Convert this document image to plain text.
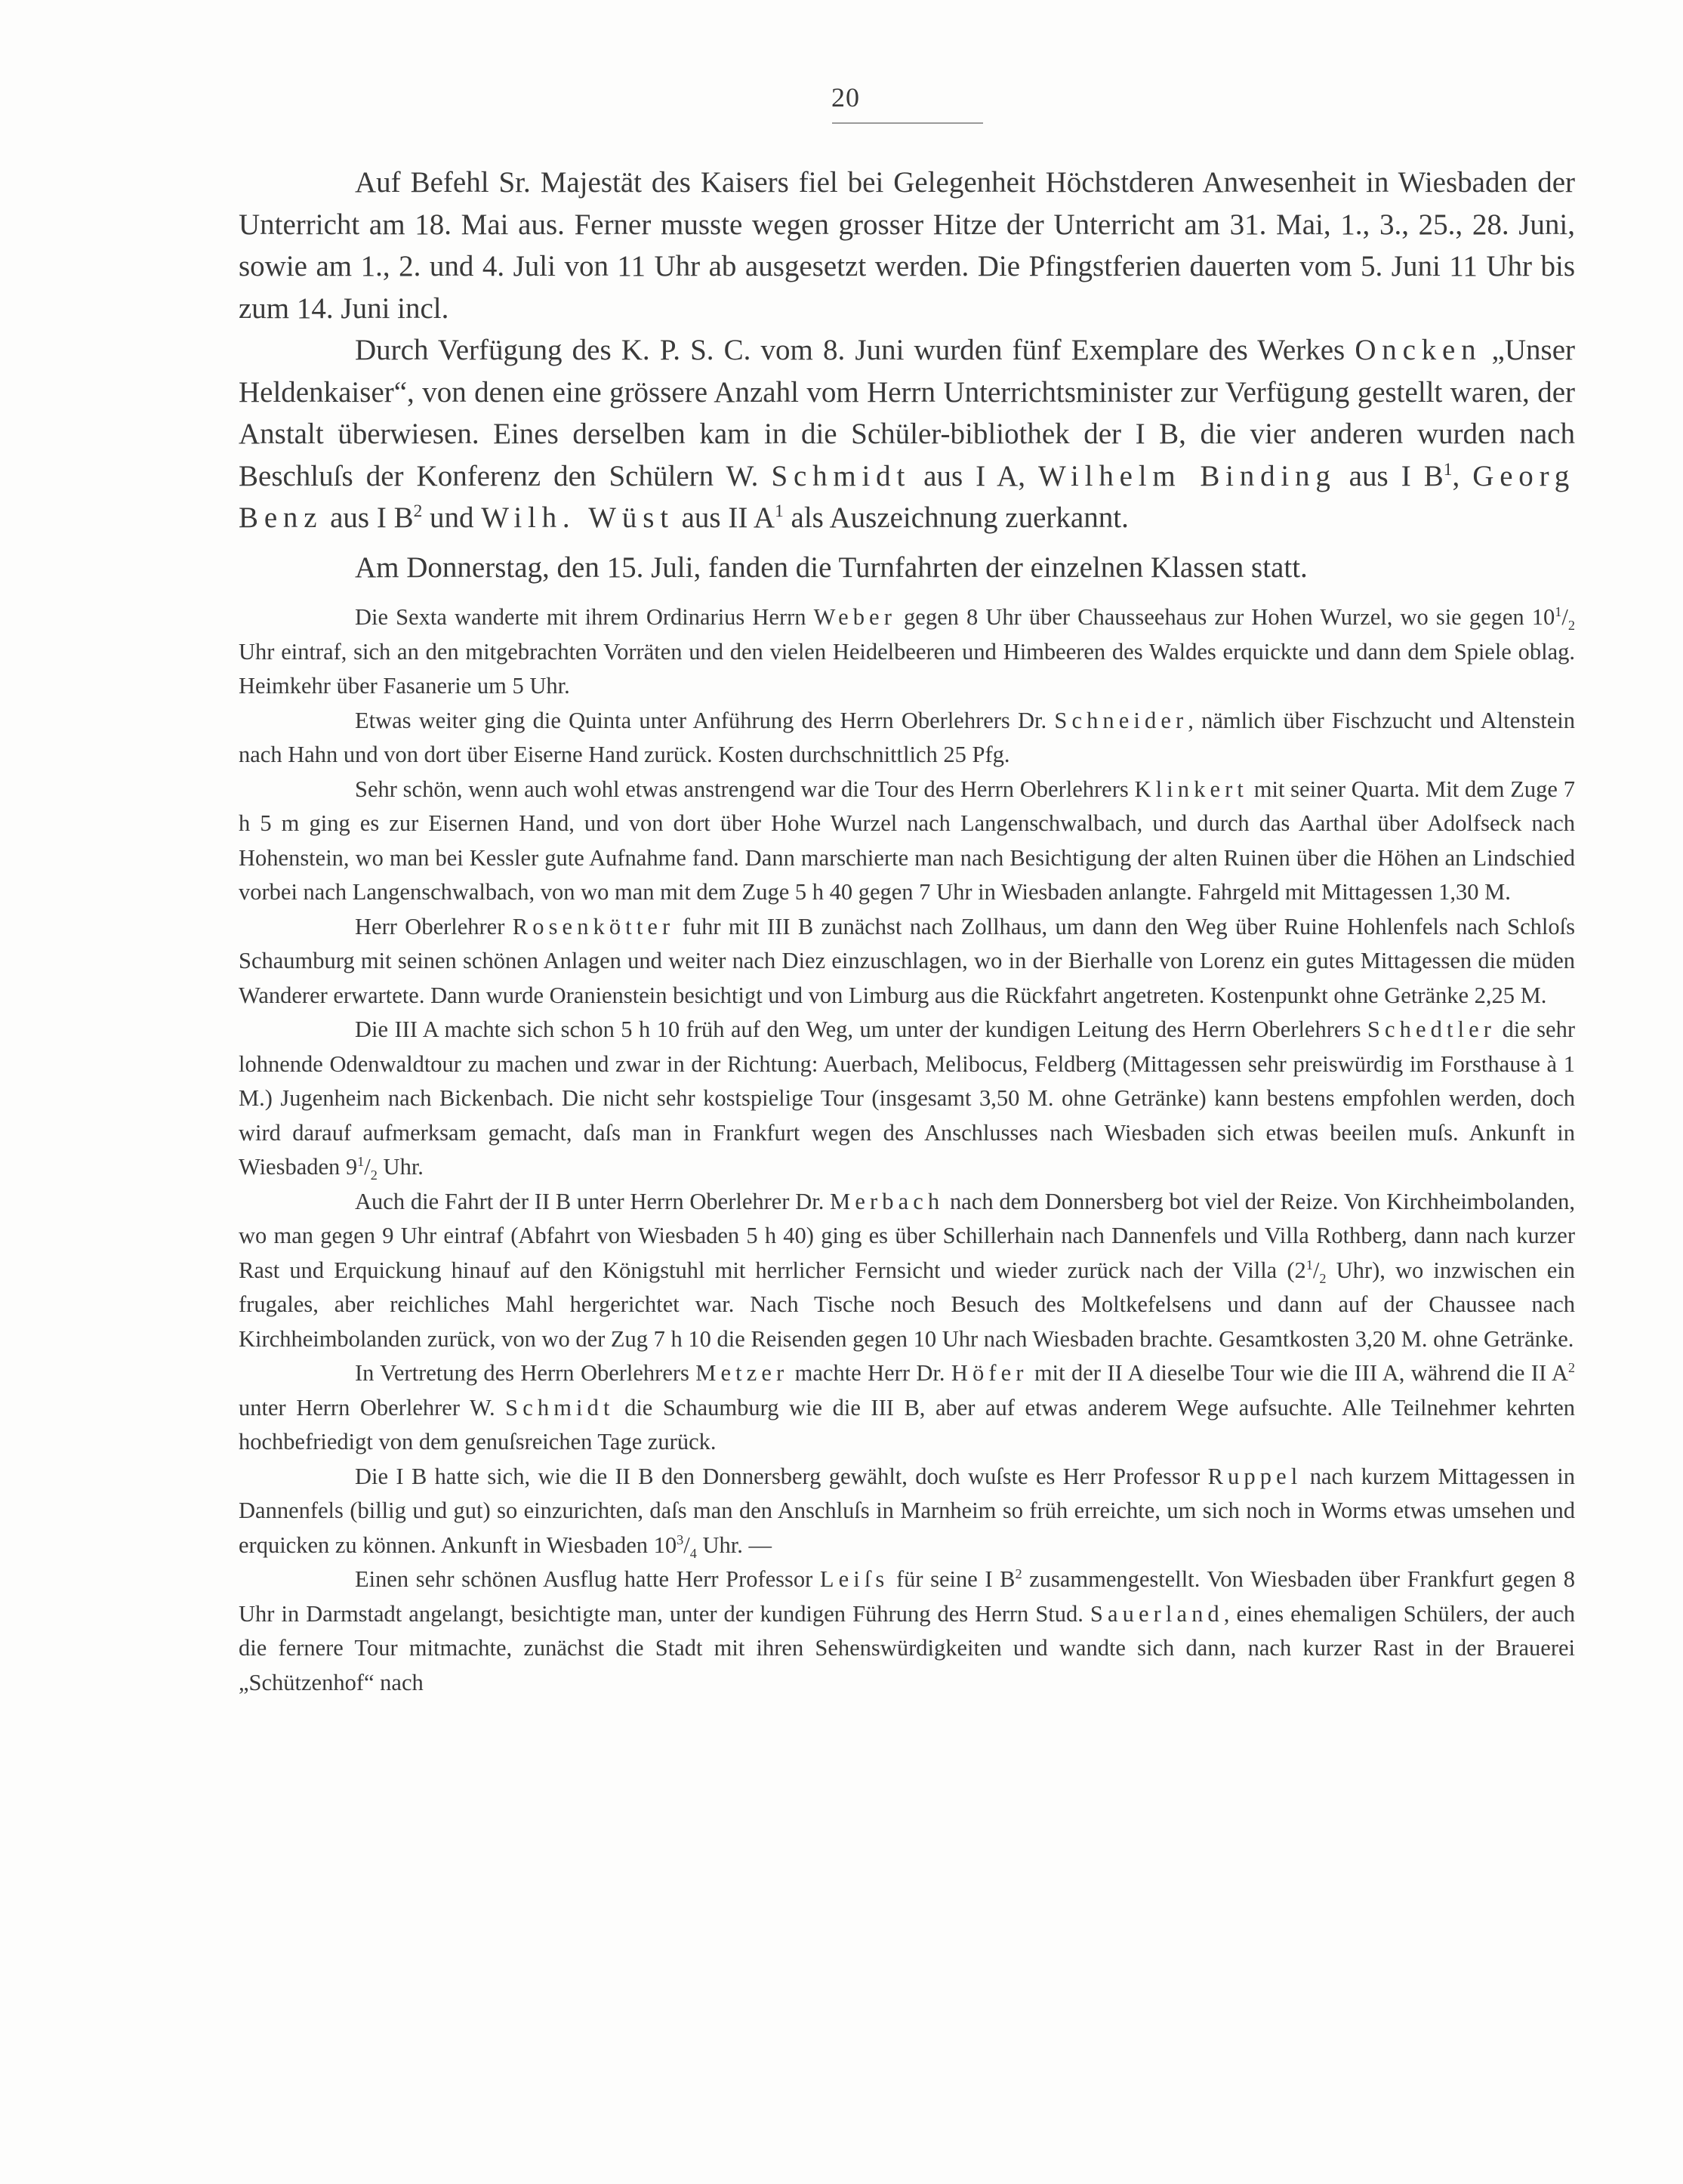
20

Auf Befehl Sr. Majestät des Kaisers fiel bei Gelegenheit Höchstderen Anwesenheit in Wiesbaden der Unterricht am 18. Mai aus. Ferner musste wegen grosser Hitze der Unterricht am 31. Mai, 1., 3., 25., 28. Juni, sowie am 1., 2. und 4. Juli von 11 Uhr ab ausgesetzt werden. Die Pfingstferien dauerten vom 5. Juni 11 Uhr bis zum 14. Juni incl.

Durch Verfügung des K. P. S. C. vom 8. Juni wurden fünf Exemplare des Werkes Oncken „Unser Heldenkaiser“, von denen eine grössere Anzahl vom Herrn Unterrichtsminister zur Verfügung gestellt waren, der Anstalt überwiesen. Eines derselben kam in die Schüler-bibliothek der I B, die vier anderen wurden nach Beschluſs der Konferenz den Schülern W. Schmidt aus I A, Wilhelm Binding aus I $B^1$, Georg Benz aus I $B^2$ und Wilh. Wüst aus II $A^1$ als Auszeichnung zuerkannt.

Am Donnerstag, den 15. Juli, fanden die Turnfahrten der einzelnen Klassen statt.

Die Sexta wanderte mit ihrem Ordinarius Herrn Weber gegen 8 Uhr über Chausseehaus zur Hohen Wurzel, wo sie gegen $10^1/_2$ Uhr eintraf, sich an den mitgebrachten Vorräten und den vielen Heidelbeeren und Himbeeren des Waldes erquickte und dann dem Spiele oblag. Heimkehr über Fasanerie um 5 Uhr.

Etwas weiter ging die Quinta unter Anführung des Herrn Oberlehrers Dr. Schneider, nämlich über Fischzucht und Altenstein nach Hahn und von dort über Eiserne Hand zurück. Kosten durchschnittlich 25 Pfg.

Sehr schön, wenn auch wohl etwas anstrengend war die Tour des Herrn Oberlehrers Klinkert mit seiner Quarta. Mit dem Zuge 7 h 5 m ging es zur Eisernen Hand, und von dort über Hohe Wurzel nach Langenschwalbach, und durch das Aarthal über Adolfseck nach Hohenstein, wo man bei Kessler gute Aufnahme fand. Dann marschierte man nach Besichtigung der alten Ruinen über die Höhen an Lindschied vorbei nach Langenschwalbach, von wo man mit dem Zuge 5 h 40 gegen 7 Uhr in Wiesbaden anlangte. Fahrgeld mit Mittagessen 1,30 M.

Herr Oberlehrer Rosenkötter fuhr mit III B zunächst nach Zollhaus, um dann den Weg über Ruine Hohlenfels nach Schloſs Schaumburg mit seinen schönen Anlagen und weiter nach Diez einzuschlagen, wo in der Bierhalle von Lorenz ein gutes Mittagessen die müden Wanderer erwartete. Dann wurde Oranienstein besichtigt und von Limburg aus die Rückfahrt angetreten. Kostenpunkt ohne Getränke 2,25 M.

Die III A machte sich schon 5 h 10 früh auf den Weg, um unter der kundigen Leitung des Herrn Oberlehrers Schedtler die sehr lohnende Odenwaldtour zu machen und zwar in der Richtung: Auerbach, Melibocus, Feldberg (Mittagessen sehr preiswürdig im Forsthause à 1 M.) Jugenheim nach Bickenbach. Die nicht sehr kostspielige Tour (insgesamt 3,50 M. ohne Getränke) kann bestens empfohlen werden, doch wird darauf aufmerksam gemacht, daſs man in Frankfurt wegen des Anschlusses nach Wiesbaden sich etwas beeilen muſs. Ankunft in Wiesbaden $9^1/_2$ Uhr.

Auch die Fahrt der II B unter Herrn Oberlehrer Dr. Merbach nach dem Donnersberg bot viel der Reize. Von Kirchheimbolanden, wo man gegen 9 Uhr eintraf (Abfahrt von Wiesbaden 5 h 40) ging es über Schillerhain nach Dannenfels und Villa Rothberg, dann nach kurzer Rast und Erquickung hinauf auf den Königstuhl mit herrlicher Fernsicht und wieder zurück nach der Villa ($2^1/_2$ Uhr), wo inzwischen ein frugales, aber reichliches Mahl hergerichtet war. Nach Tische noch Besuch des Moltkefelsens und dann auf der Chaussee nach Kirchheimbolanden zurück, von wo der Zug 7 h 10 die Reisenden gegen 10 Uhr nach Wiesbaden brachte. Gesamtkosten 3,20 M. ohne Getränke.

In Vertretung des Herrn Oberlehrers Metzer machte Herr Dr. Höfer mit der II A dieselbe Tour wie die III A, während die II $A^2$ unter Herrn Oberlehrer W. Schmidt die Schaumburg wie die III B, aber auf etwas anderem Wege aufsuchte. Alle Teilnehmer kehrten hochbefriedigt von dem genuſsreichen Tage zurück.

Die I B hatte sich, wie die II B den Donnersberg gewählt, doch wuſste es Herr Professor Ruppel nach kurzem Mittagessen in Dannenfels (billig und gut) so einzurichten, daſs man den Anschluſs in Marnheim so früh erreichte, um sich noch in Worms etwas umsehen und erquicken zu können. Ankunft in Wiesbaden $10^3/_4$ Uhr. —

Einen sehr schönen Ausflug hatte Herr Professor Leiſs für seine I $B^2$ zusammengestellt. Von Wiesbaden über Frankfurt gegen 8 Uhr in Darmstadt angelangt, besichtigte man, unter der kundigen Führung des Herrn Stud. Sauerland, eines ehemaligen Schülers, der auch die fernere Tour mitmachte, zunächst die Stadt mit ihren Sehenswürdigkeiten und wandte sich dann, nach kurzer Rast in der Brauerei „Schützenhof“ nach
